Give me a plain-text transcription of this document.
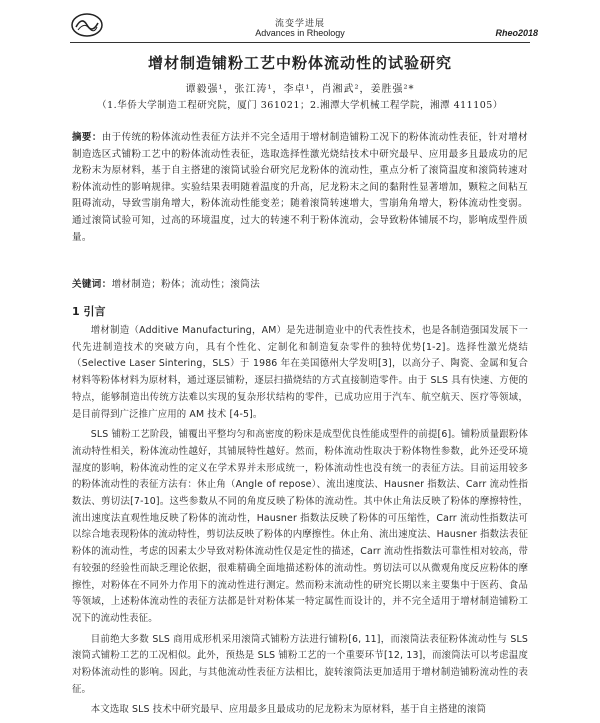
流变学进展
Advances in Rheology	Rheo2018
增材制造铺粉工艺中粉体流动性的试验研究
谭毅强¹，张江涛¹，李卓¹，肖湘武²，姜胜强²*
（1.华侨大学制造工程研究院，厦门 361021；2.湘潭大学机械工程学院，湘潭 411105）
摘要：由于传统的粉体流动性表征方法并不完全适用于增材制造铺粉工况下的粉体流动性表征，针对增材制造选区式铺粉工艺中的粉体流动性表征，选取选择性激光烧结技术中研究最早、应用最多且最成功的尼龙粉末为原材料，基于自主搭建的滚筒试验台研究尼龙粉体的流动性，重点分析了滚筒温度和滚筒转速对粉体流动性的影响规律。实验结果表明随着温度的升高，尼龙粉末之间的黏附性显著增加，颗粒之间粘互阻碍流动，导致雪崩角增大，粉体流动性能变差；随着滚筒转速增大，雪崩角角增大，粉体流动性变弱。通过滚筒试验可知，过高的环境温度，过大的转速不利于粉体流动，会导致粉体铺展不均，影响成型件质量。
关键词：增材制造；粉体；流动性；滚筒法
1 引言

增材制造（Additive Manufacturing，AM）是先进制造业中的代表性技术，也是各制造强国发展下一代先进制造技术的突破方向，具有个性化、定制化和制造复杂零件的独特优势[1-2]。选择性激光烧结（Selective Laser Sintering，SLS）于 1986 年在美国德州大学发明[3]，以高分子、陶瓷、金属和复合材料等粉体材料为原材料，通过逐层铺粉，逐层扫描烧结的方式直接制造零件。由于 SLS 具有快速、方便的特点，能够制造出传统方法难以实现的复杂形状结构的零件，已成功应用于汽车、航空航天、医疗等领域，是目前得到广泛推广应用的 AM 技术 [4-5]。

SLS 铺粉工艺阶段，铺覆出平整均匀和高密度的粉床是成型优良性能成型件的前提[6]。铺粉质量跟粉体流动特性相关，粉体流动性越好，其铺展特性越好。然而，粉体流动性取决于粉体物性参数，此外还受环境湿度的影响，粉体流动性的定义在学术界并未形成统一，粉体流动性也没有统一的表征方法。目前运用较多的粉体流动性的表征方法有：休止角（Angle of repose）、流出速度法、Hausner 指数法、Carr 流动性指数法、剪切法[7-10]。这些参数从不同的角度反映了粉体的流动性。其中休止角法反映了粉体的摩擦特性，流出速度法直观性地反映了粉体的流动性，Hausner 指数法反映了粉体的可压缩性，Carr 流动性指数法可以综合地表现粉体的流动特性，剪切法反映了粉体的内摩擦性。休止角、流出速度法、Hausner 指数法表征粉体的流动性，考虑的因素太少导致对粉体流动性仅是定性的描述，Carr 流动性指数法可靠性相对较高，带有较强的经验性而缺乏理论依据，很难精确全面地描述粉体的流动性。剪切法可以从微观角度反应粉体的摩擦性，对粉体在不同外力作用下的流动性进行测定。然而粉末流动性的研究长期以来主要集中于医药、食品等领域，上述粉体流动性的表征方法都是针对粉体某一特定属性而设计的，并不完全适用于增材制造铺粉工况下的流动性表征。

目前绝大多数 SLS 商用成形机采用滚筒式铺粉方法进行铺粉[6, 11]，而滚筒法表征粉体流动性与 SLS 滚筒式铺粉工艺的工况相似。此外，预热是 SLS 铺粉工艺的一个重要环节[12, 13]，而滚筒法可以考虑温度对粉体流动性的影响。因此，与其他流动性表征方法相比，旋转滚筒法更加适用于增材制造铺粉流动性的表征。

本文选取 SLS 技术中研究最早、应用最多且最成功的尼龙粉末为原材料，基于自主搭建的滚筒
